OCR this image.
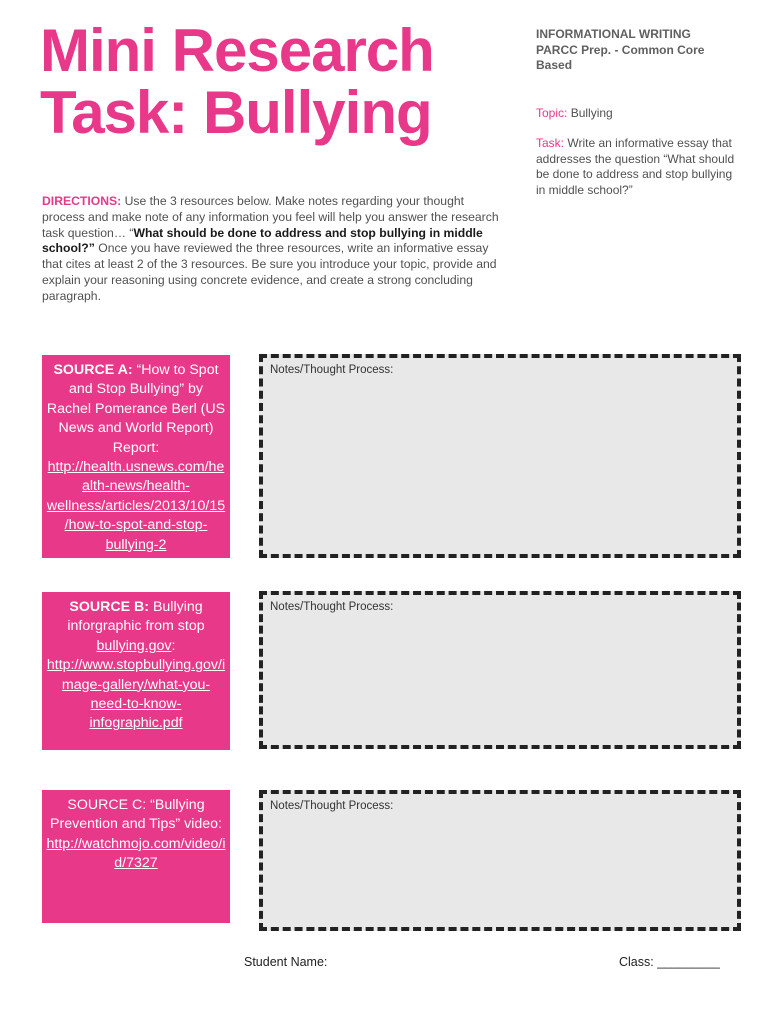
Mini Research
Task: Bullying

INFORMATIONAL WRITING
PARCC Prep. - Common Core Based

Topic: Bullying

Task: Write an informative essay that addresses the question “What should be done to address and stop bullying in middle school?”

DIRECTIONS: Use the 3 resources below. Make notes regarding your thought process and make note of any information you feel will help you answer the research task question… “What should be done to address and stop bullying in middle school?” Once you have reviewed the three resources, write an informative essay that cites at least 2 of the 3 resources. Be sure you introduce your topic, provide and explain your reasoning using concrete evidence, and create a strong concluding paragraph.

SOURCE A: “How to Spot and Stop Bullying” by Rachel Pomerance Berl (US News and World Report) Report: http://health.usnews.com/health-news/health-wellness/articles/2013/10/15/how-to-spot-and-stop-bullying-2
Notes/Thought Process:
SOURCE B: Bullying inforgraphic from stop bullying.gov: http://www.stopbullying.gov/image-gallery/what-you-need-to-know-infographic.pdf
Notes/Thought Process:
SOURCE C: “Bullying Prevention and Tips” video: http://watchmojo.com/video/id/7327
Notes/Thought Process:
Student Name:	Class: _________
